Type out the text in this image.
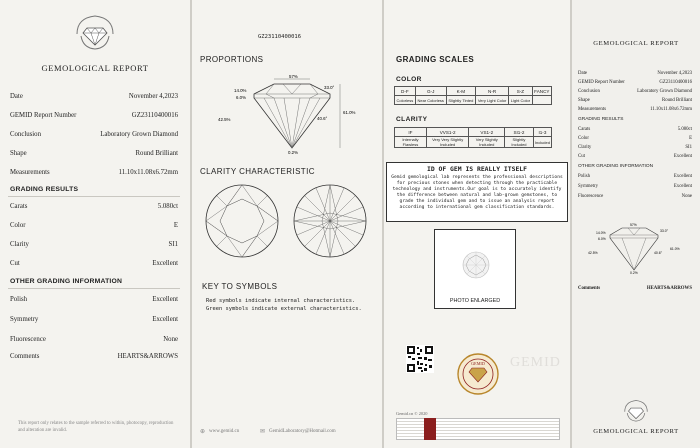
GEMOLOGICAL REPORT
Date	November 4,2023
GEMID Report Number	GZ23110400016
Conclusion	Laboratory Grown Diamond
Shape	Round Brilliant
Measurements	11.10x11.08x6.72mm
GRADING RESULTS
Carats	5.080ct
Color	E
Clarity	SI1
Cut	Excellent
OTHER GRADING INFORMATION
Polish	Excellent
Symmetry	Excellent
Fluorescence	None
Comments	HEARTS&ARROWS
This report only relates to the sample referred to within, photocopy, reproduction and alteration are invalid.
GZ23110400016
PROPORTIONS
57%
14.0%
33.0°
6.0%
61.0%
40.6°
42.5%
0.2%
CLARITY CHARACTERISTIC
KEY TO SYMBOLS
Red symbols indicate internal characteristics.
Green symbols indicate external characteristics.
⊕ www.gemid.cn	✉ GemidLaboratory@Hotmail.com
GRADING SCALES
COLOR
D-F	G-J	K-M	N-R	S-Z	FANCY
Colorless	Near Colorless	Slightly Tinted	Very Light Color	Light Color	
CLARITY
IF	VVS1-2	VS1-2	SI1-2	I1-3
Internally Flawless	Very Very Slightly Included	Very Slightly Included	Slightly Included	Included
ID OF GEM IS REALLY ITSELF
Gemid gemological lab represents the professional descriptions for precious stones when detecting through the practicable technology and instruments.Our goal is to accurately identify the difference between natural and lab-grown gemstones, to grade the individual gem and to issue an analysis report according to international gem classification standards.
PHOTO ENLARGED
GEMID GEMID
Gemid.cn © 2020
GEMOLOGICAL REPORT
Date	November 4,2023
GEMID Report Number	GZ23110400016
Conclusion	Laboratory Grown Diamond
Shape	Round Brilliant
Measurements	11.10x11.08x6.72mm
GRADING RESULTS
Carats	5.080ct
Color	E
Clarity	SI1
Cut	Excellent
OTHER GRADING INFORMATION
Polish	Excellent
Symmetry	Excellent
Fluorescence	None
57%
33.0°
14.0%
6.0%
61.0%
40.6°
42.5%
0.2%
Comments	HEARTS&ARROWS
GEMOLOGICAL REPORT
